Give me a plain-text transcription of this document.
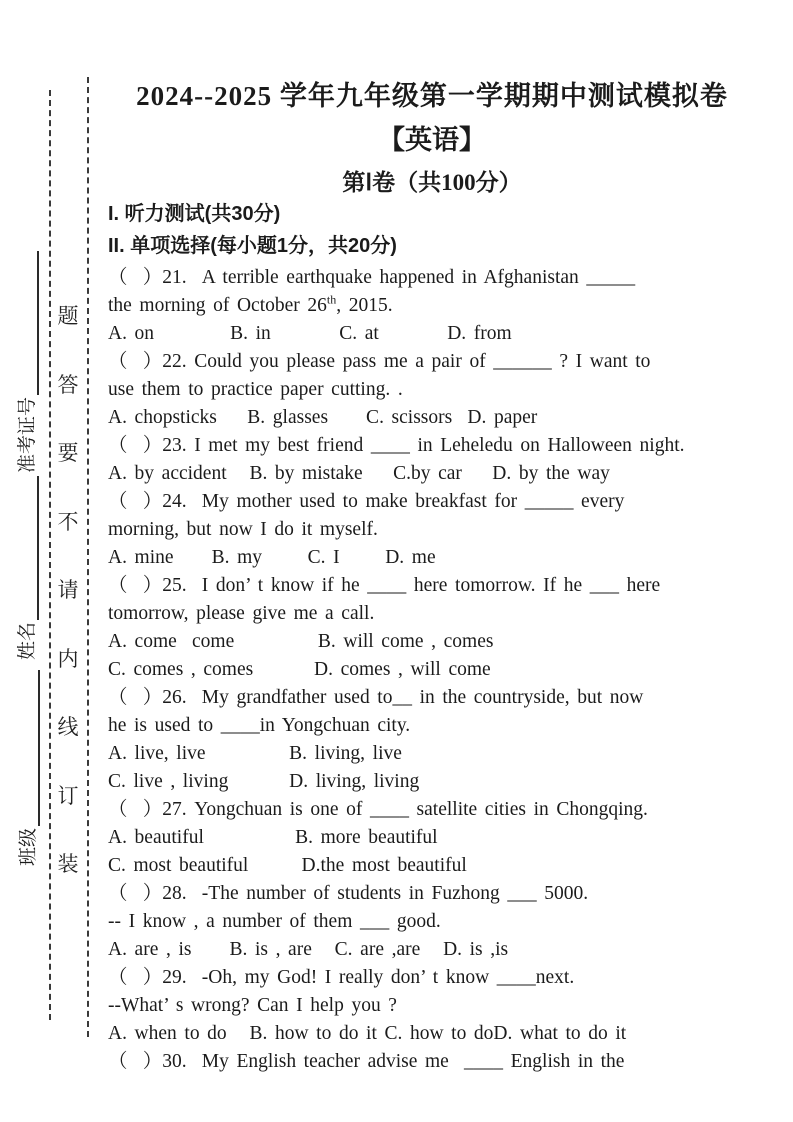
准考证号
姓名
班级
题
答
要
不
请
内
线
订
装
2024--2025 学年九年级第一学期期中测试模拟卷
【英语】
第Ⅰ卷（共100分）
I. 听力测试(共30分)
II. 单项选择(每小题1分，共20分)
（  ）21.  A terrible earthquake happened in Afghanistan _____
the morning of October 26th, 2015.
A. on          B. in         C. at         D. from
（  ）22. Could you please pass me a pair of ______ ? I want to
use them to practice paper cutting. .
A. chopsticks    B. glasses     C. scissors  D. paper
（  ）23. I met my best friend ____ in Leheledu on Halloween night.
A. by accident   B. by mistake    C.by car    D. by the way
（  ）24.  My mother used to make breakfast for _____ every
morning, but now I do it myself.
A. mine     B. my      C. I      D. me
（  ）25.  I don’ t know if he ____ here tomorrow. If he ___ here
tomorrow, please give me a call.
A. come  come           B. will come , comes
C. comes , comes        D. comes , will come
（  ）26.  My grandfather used to__ in the countryside, but now
he is used to ____in Yongchuan city.
A. live, live           B. living, live
C. live , living        D. living, living
（  ）27. Yongchuan is one of ____ satellite cities in Chongqing.
A. beautiful            B. more beautiful
C. most beautiful       D.the most beautiful
（  ）28.  -The number of students in Fuzhong ___ 5000.
-- I know , a number of them ___ good.
A. are , is     B. is , are   C. are ,are   D. is ,is
（  ）29.  -Oh, my God! I really don’ t know ____next.
--What’ s wrong? Can I help you ?
A. when to do   B. how to do it C. how to doD. what to do it
（  ）30.  My English teacher advise me  ____ English in the
